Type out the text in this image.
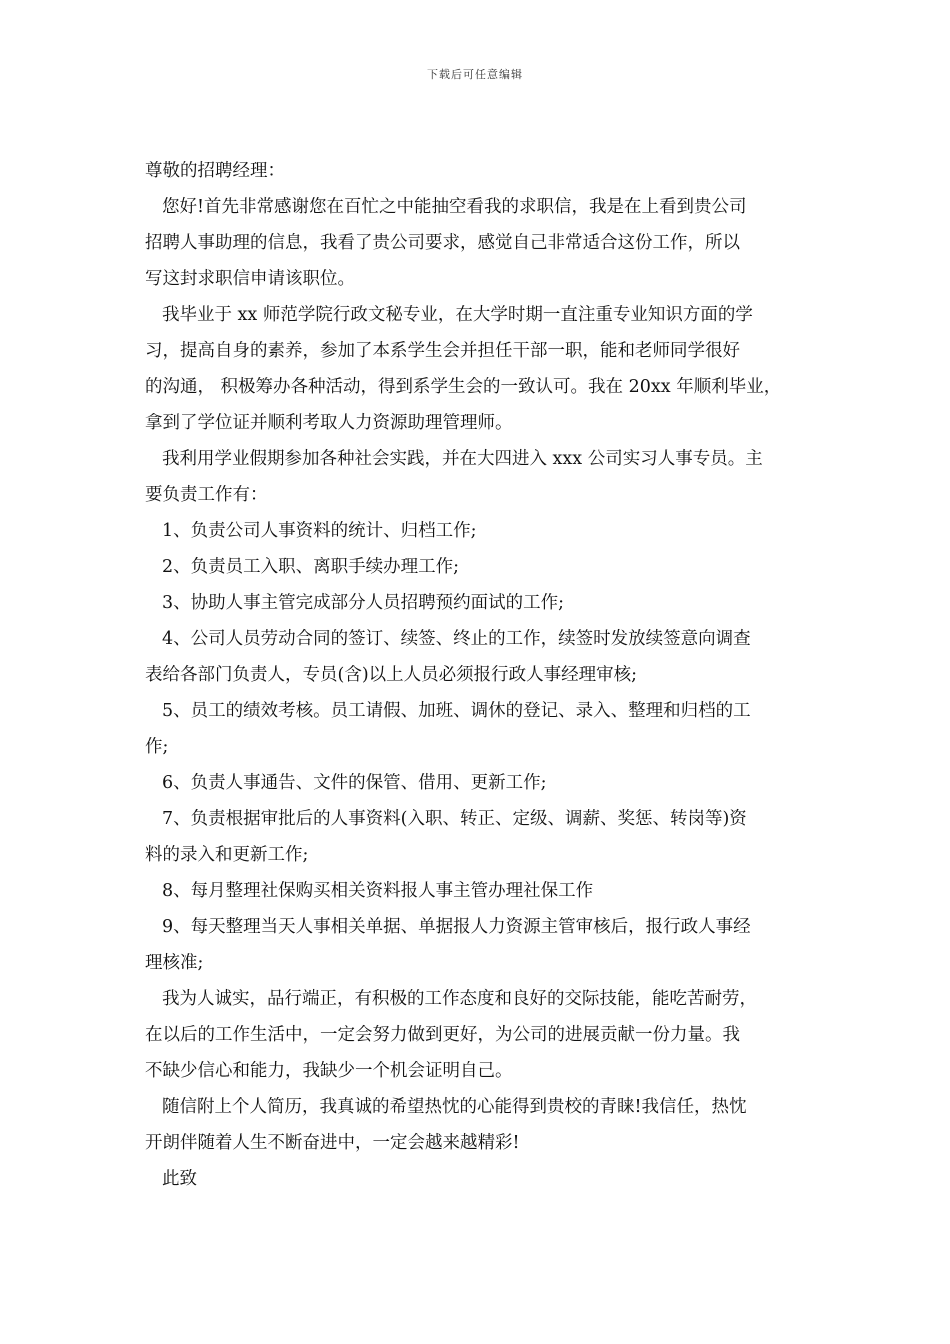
下载后可任意编辑
尊敬的招聘经理：
您好!首先非常感谢您在百忙之中能抽空看我的求职信，我是在上看到贵公司
招聘人事助理的信息，我看了贵公司要求，感觉自己非常适合这份工作，所以
写这封求职信申请该职位。
我毕业于 xx 师范学院行政文秘专业，在大学时期一直注重专业知识方面的学
习，提高自身的素养，参加了本系学生会并担任干部一职，能和老师同学很好
的沟通， 积极筹办各种活动，得到系学生会的一致认可。我在 20xx 年顺利毕业，
拿到了学位证并顺利考取人力资源助理管理师。
我利用学业假期参加各种社会实践，并在大四进入 xxx 公司实习人事专员。主
要负责工作有：
1、负责公司人事资料的统计、归档工作;
2、负责员工入职、离职手续办理工作;
3、协助人事主管完成部分人员招聘预约面试的工作;
4、公司人员劳动合同的签订、续签、终止的工作，续签时发放续签意向调查
表给各部门负责人，专员(含)以上人员必须报行政人事经理审核;
5、员工的绩效考核。员工请假、加班、调休的登记、录入、整理和归档的工
作;
6、负责人事通告、文件的保管、借用、更新工作;
7、负责根据审批后的人事资料(入职、转正、定级、调薪、奖惩、转岗等)资
料的录入和更新工作;
8、每月整理社保购买相关资料报人事主管办理社保工作
9、每天整理当天人事相关单据、单据报人力资源主管审核后，报行政人事经
理核准;
我为人诚实，品行端正，有积极的工作态度和良好的交际技能，能吃苦耐劳，
在以后的工作生活中，一定会努力做到更好，为公司的进展贡献一份力量。我
不缺少信心和能力，我缺少一个机会证明自己。
随信附上个人简历，我真诚的希望热忱的心能得到贵校的青睐!我信任，热忱
开朗伴随着人生不断奋进中，一定会越来越精彩!
此致
